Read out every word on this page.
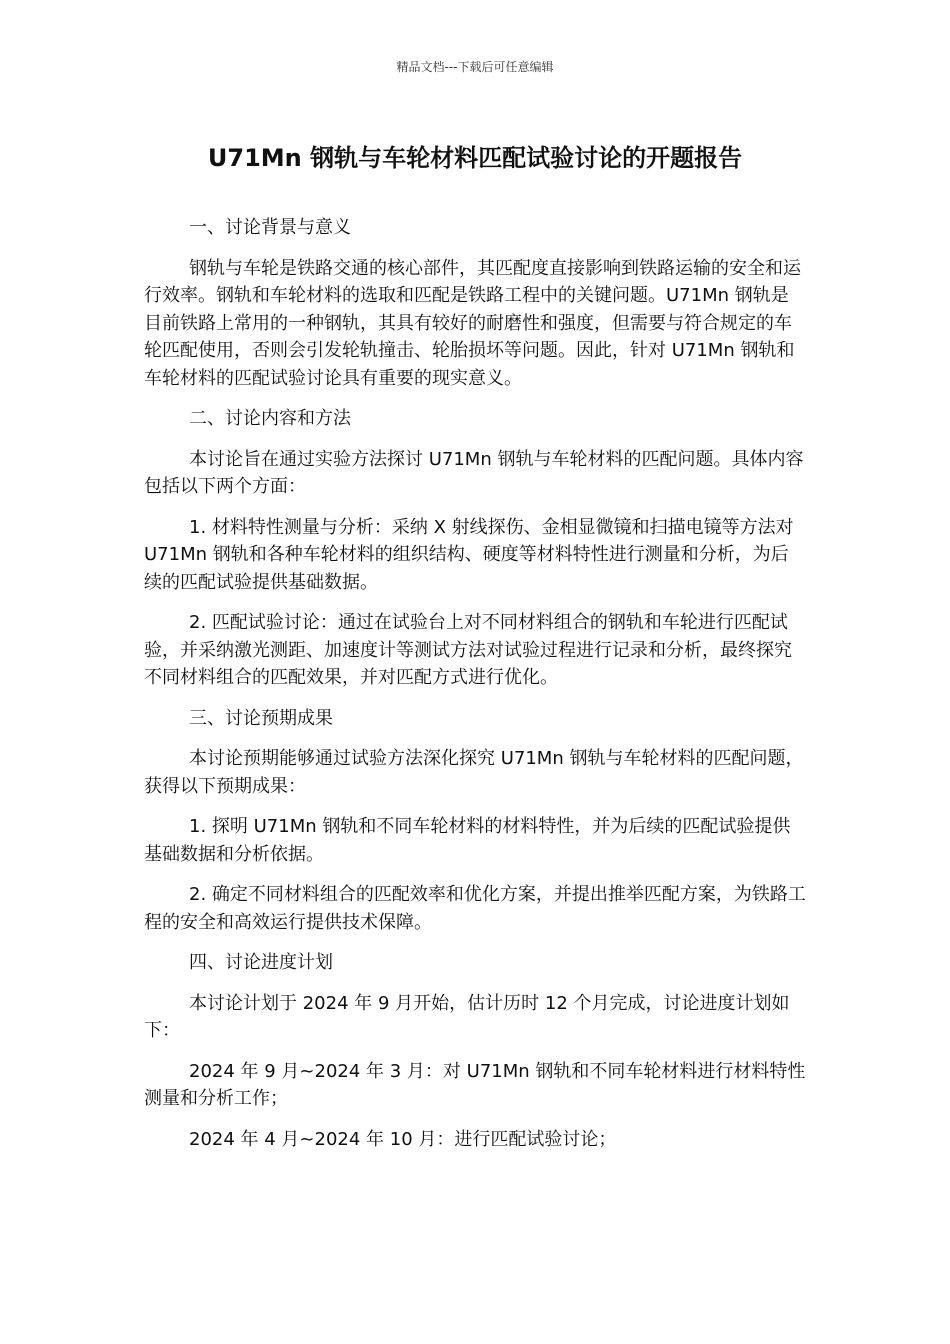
精品文档---下载后可任意编辑
U71Mn 钢轨与车轮材料匹配试验讨论的开题报告

一、讨论背景与意义

钢轨与车轮是铁路交通的核心部件，其匹配度直接影响到铁路运输的安全和运行效率。钢轨和车轮材料的选取和匹配是铁路工程中的关键问题。U71Mn 钢轨是目前铁路上常用的一种钢轨，其具有较好的耐磨性和强度，但需要与符合规定的车轮匹配使用，否则会引发轮轨撞击、轮胎损坏等问题。因此，针对 U71Mn 钢轨和车轮材料的匹配试验讨论具有重要的现实意义。

二、讨论内容和方法

本讨论旨在通过实验方法探讨 U71Mn 钢轨与车轮材料的匹配问题。具体内容包括以下两个方面：

1. 材料特性测量与分析：采纳 X 射线探伤、金相显微镜和扫描电镜等方法对 U71Mn 钢轨和各种车轮材料的组织结构、硬度等材料特性进行测量和分析，为后续的匹配试验提供基础数据。

2. 匹配试验讨论：通过在试验台上对不同材料组合的钢轨和车轮进行匹配试验，并采纳激光测距、加速度计等测试方法对试验过程进行记录和分析，最终探究不同材料组合的匹配效果，并对匹配方式进行优化。

三、讨论预期成果

本讨论预期能够通过试验方法深化探究 U71Mn 钢轨与车轮材料的匹配问题，获得以下预期成果：

1. 探明 U71Mn 钢轨和不同车轮材料的材料特性，并为后续的匹配试验提供基础数据和分析依据。

2. 确定不同材料组合的匹配效率和优化方案，并提出推举匹配方案，为铁路工程的安全和高效运行提供技术保障。

四、讨论进度计划

本讨论计划于 2024 年 9 月开始，估计历时 12 个月完成，讨论进度计划如下：

2024 年 9 月~2024 年 3 月：对 U71Mn 钢轨和不同车轮材料进行材料特性测量和分析工作；

2024 年 4 月~2024 年 10 月：进行匹配试验讨论；
